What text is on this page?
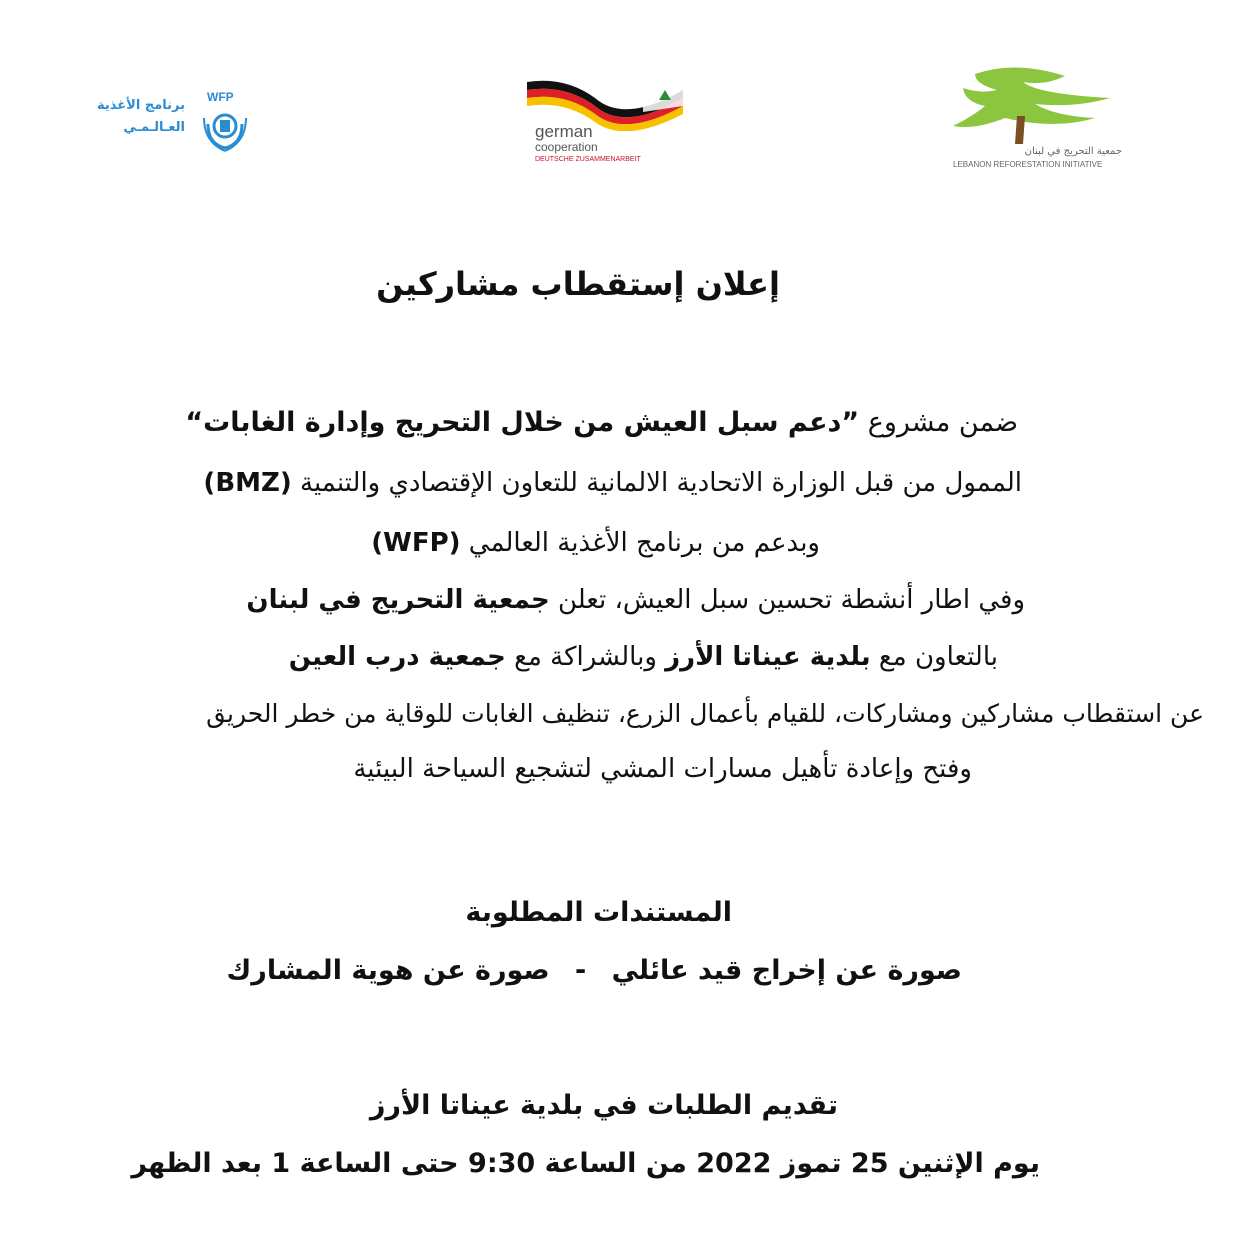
برنامج الأغذية
العـالـمـي
WFP
german
cooperation
DEUTSCHE ZUSAMMENARBEIT
جمعية التحريج في لبنان
LEBANON REFORESTATION INITIATIVE
إعلان إستقطاب مشاركين
ضمن مشروع ”دعم سبل العيش من خلال التحريج وإدارة الغابات“
الممول من قبل الوزارة الاتحادية الالمانية للتعاون الإقتصادي والتنمية (BMZ)
وبدعم من برنامج الأغذية العالمي (WFP)
وفي اطار أنشطة تحسين سبل العيش، تعلن جمعية التحريج في لبنان
بالتعاون مع بلدية عيناتا الأرز وبالشراكة مع جمعية درب العين
عن استقطاب مشاركين ومشاركات، للقيام بأعمال الزرع، تنظيف الغابات للوقاية من خطر الحريق
وفتح وإعادة تأهيل مسارات المشي لتشجيع السياحة البيئية
المستندات المطلوبة
صورة عن إخراج قيد عائلي - صورة عن هوية المشارك
تقديم الطلبات في بلدية عيناتا الأرز
يوم الإثنين 25 تموز 2022 من الساعة 9:30 حتى الساعة 1 بعد الظهر
